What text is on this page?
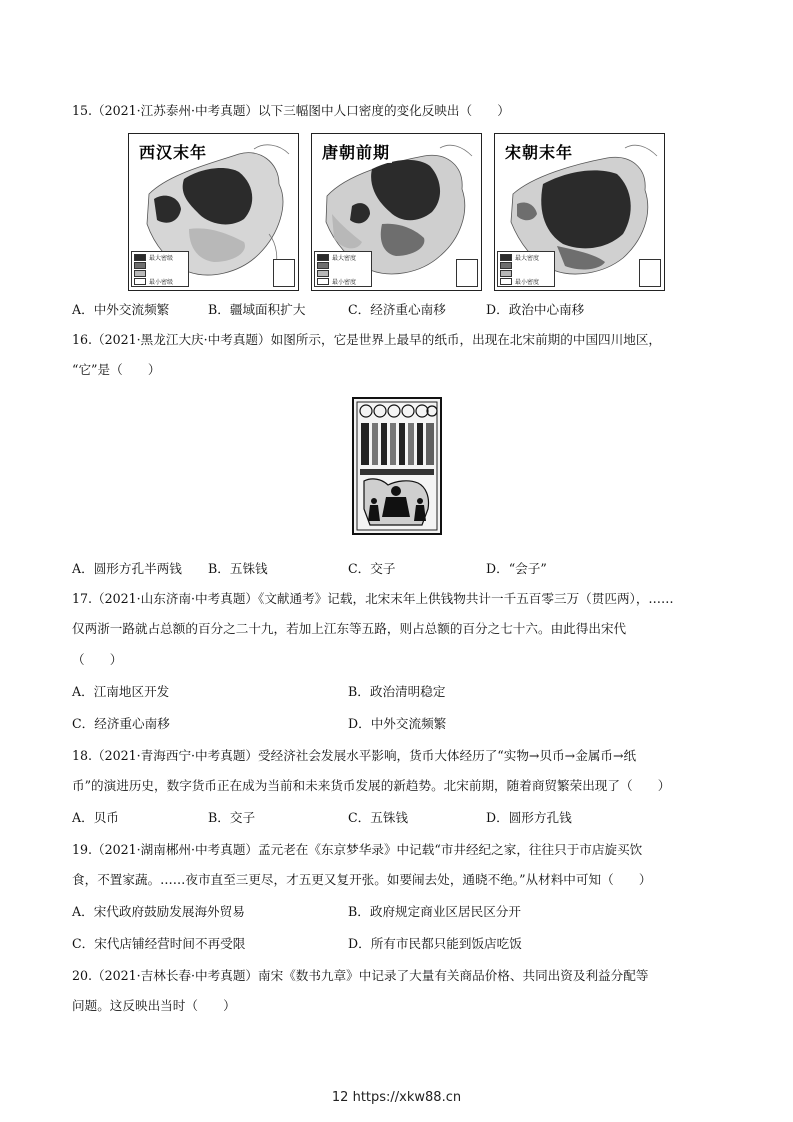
15.（2021·江苏泰州·中考真题）以下三幅图中人口密度的变化反映出（　　）
西汉末年
最大密级
最小密级
唐朝前期
最大密度
最小密度
宋朝末年
最大密度
最小密度
A．中外交流频繁	B．疆域面积扩大	C．经济重心南移	D．政治中心南移
16.（2021·黑龙江大庆·中考真题）如图所示，它是世界上最早的纸币，出现在北宋前期的中国四川地区，
“它”是（　　）
A．圆形方孔半两钱 B．五铢钱	C．交子	D．“会子”
17.（2021·山东济南·中考真题）《文献通考》记载，北宋末年上供钱物共计一千五百零三万（贯匹两），……
仅两浙一路就占总额的百分之二十九，若加上江东等五路，则占总额的百分之七十六。由此得出宋代
（　　）
A．江南地区开发	B．政治清明稳定
C．经济重心南移	D．中外交流频繁
18.（2021·青海西宁·中考真题）受经济社会发展水平影响，货币大体经历了“实物→贝币→金属币→纸
币”的演进历史，数字货币正在成为当前和未来货币发展的新趋势。北宋前期，随着商贸繁荣出现了（　　）
A．贝币	B．交子	C．五铢钱	D．圆形方孔钱
19.（2021·湖南郴州·中考真题）孟元老在《东京梦华录》中记载“市井经纪之家，往往只于市店旋买饮
食，不置家蔬。……夜市直至三更尽，才五更又复开张。如要闹去处，通晓不绝。”从材料中可知（　　）
A．宋代政府鼓励发展海外贸易	B．政府规定商业区居民区分开
C．宋代店铺经营时间不再受限	D．所有市民都只能到饭店吃饭
20.（2021·吉林长春·中考真题）南宋《数书九章》中记录了大量有关商品价格、共同出资及利益分配等
问题。这反映出当时（　　）
12 https://xkw88.cn
